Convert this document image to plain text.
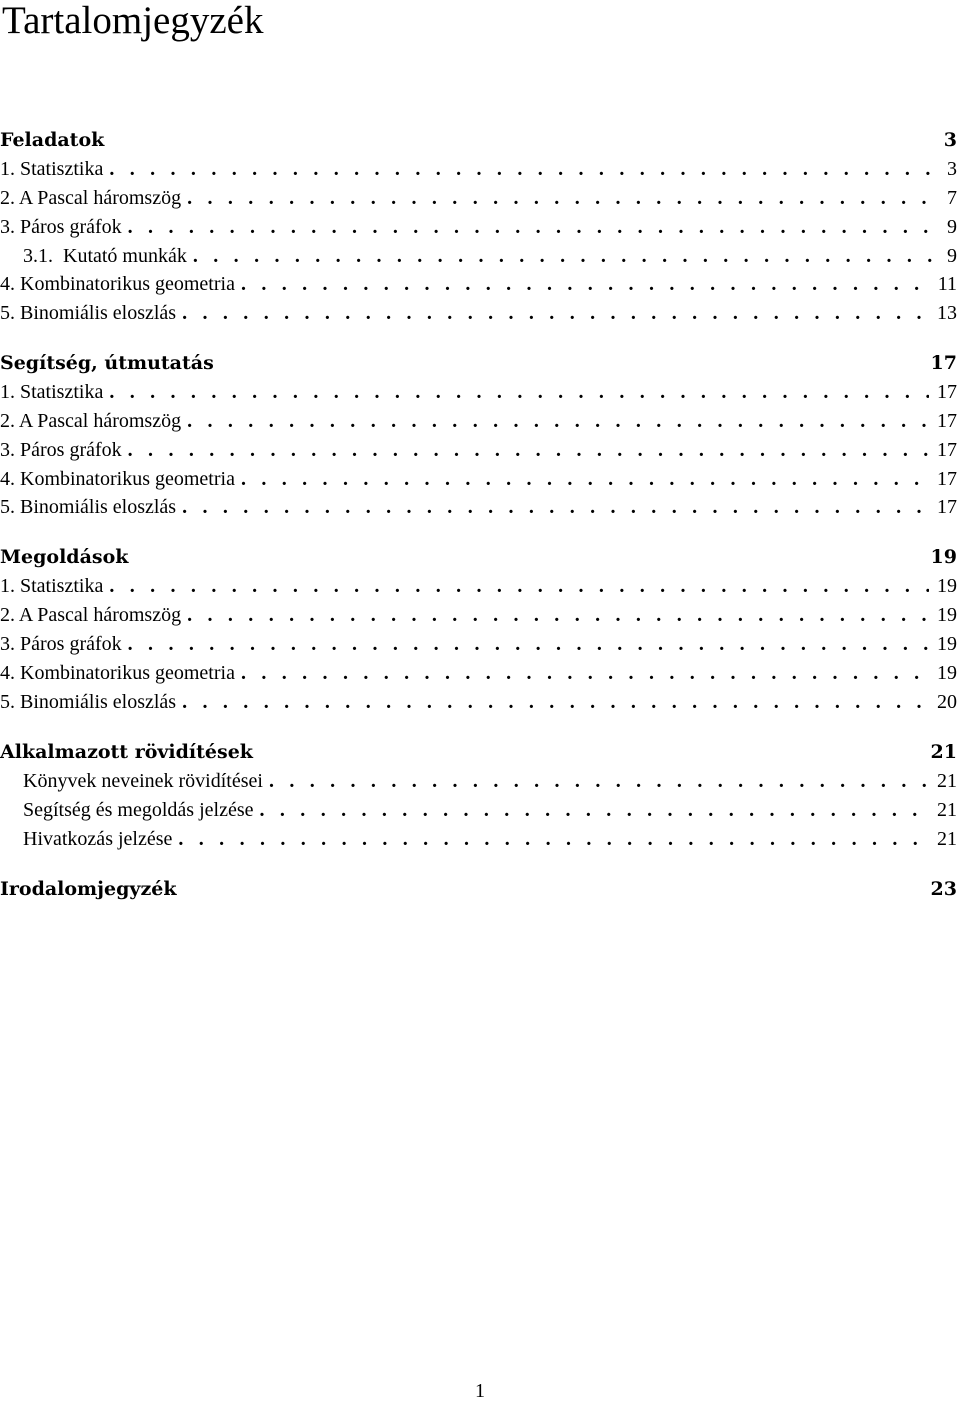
Tartalomjegyzék
Feladatok	3
1. Statisztika . . .	3
2. A Pascal háromszög . . .	7
3. Páros gráfok . . .	9
3.1.  Kutató munkák . . .	9
4. Kombinatorikus geometria . . .	11
5. Binomiális eloszlás . . .	13
Segítség, útmutatás	17
1. Statisztika . . .	17
2. A Pascal háromszög . . .	17
3. Páros gráfok . . .	17
4. Kombinatorikus geometria . . .	17
5. Binomiális eloszlás . . .	17
Megoldások	19
1. Statisztika . . .	19
2. A Pascal háromszög . . .	19
3. Páros gráfok . . .	19
4. Kombinatorikus geometria . . .	19
5. Binomiális eloszlás . . .	20
Alkalmazott rövidítések	21
Könyvek neveinek rövidítései . . .	21
Segítség és megoldás jelzése . . .	21
Hivatkozás jelzése . . .	21
Irodalomjegyzék	23
1
